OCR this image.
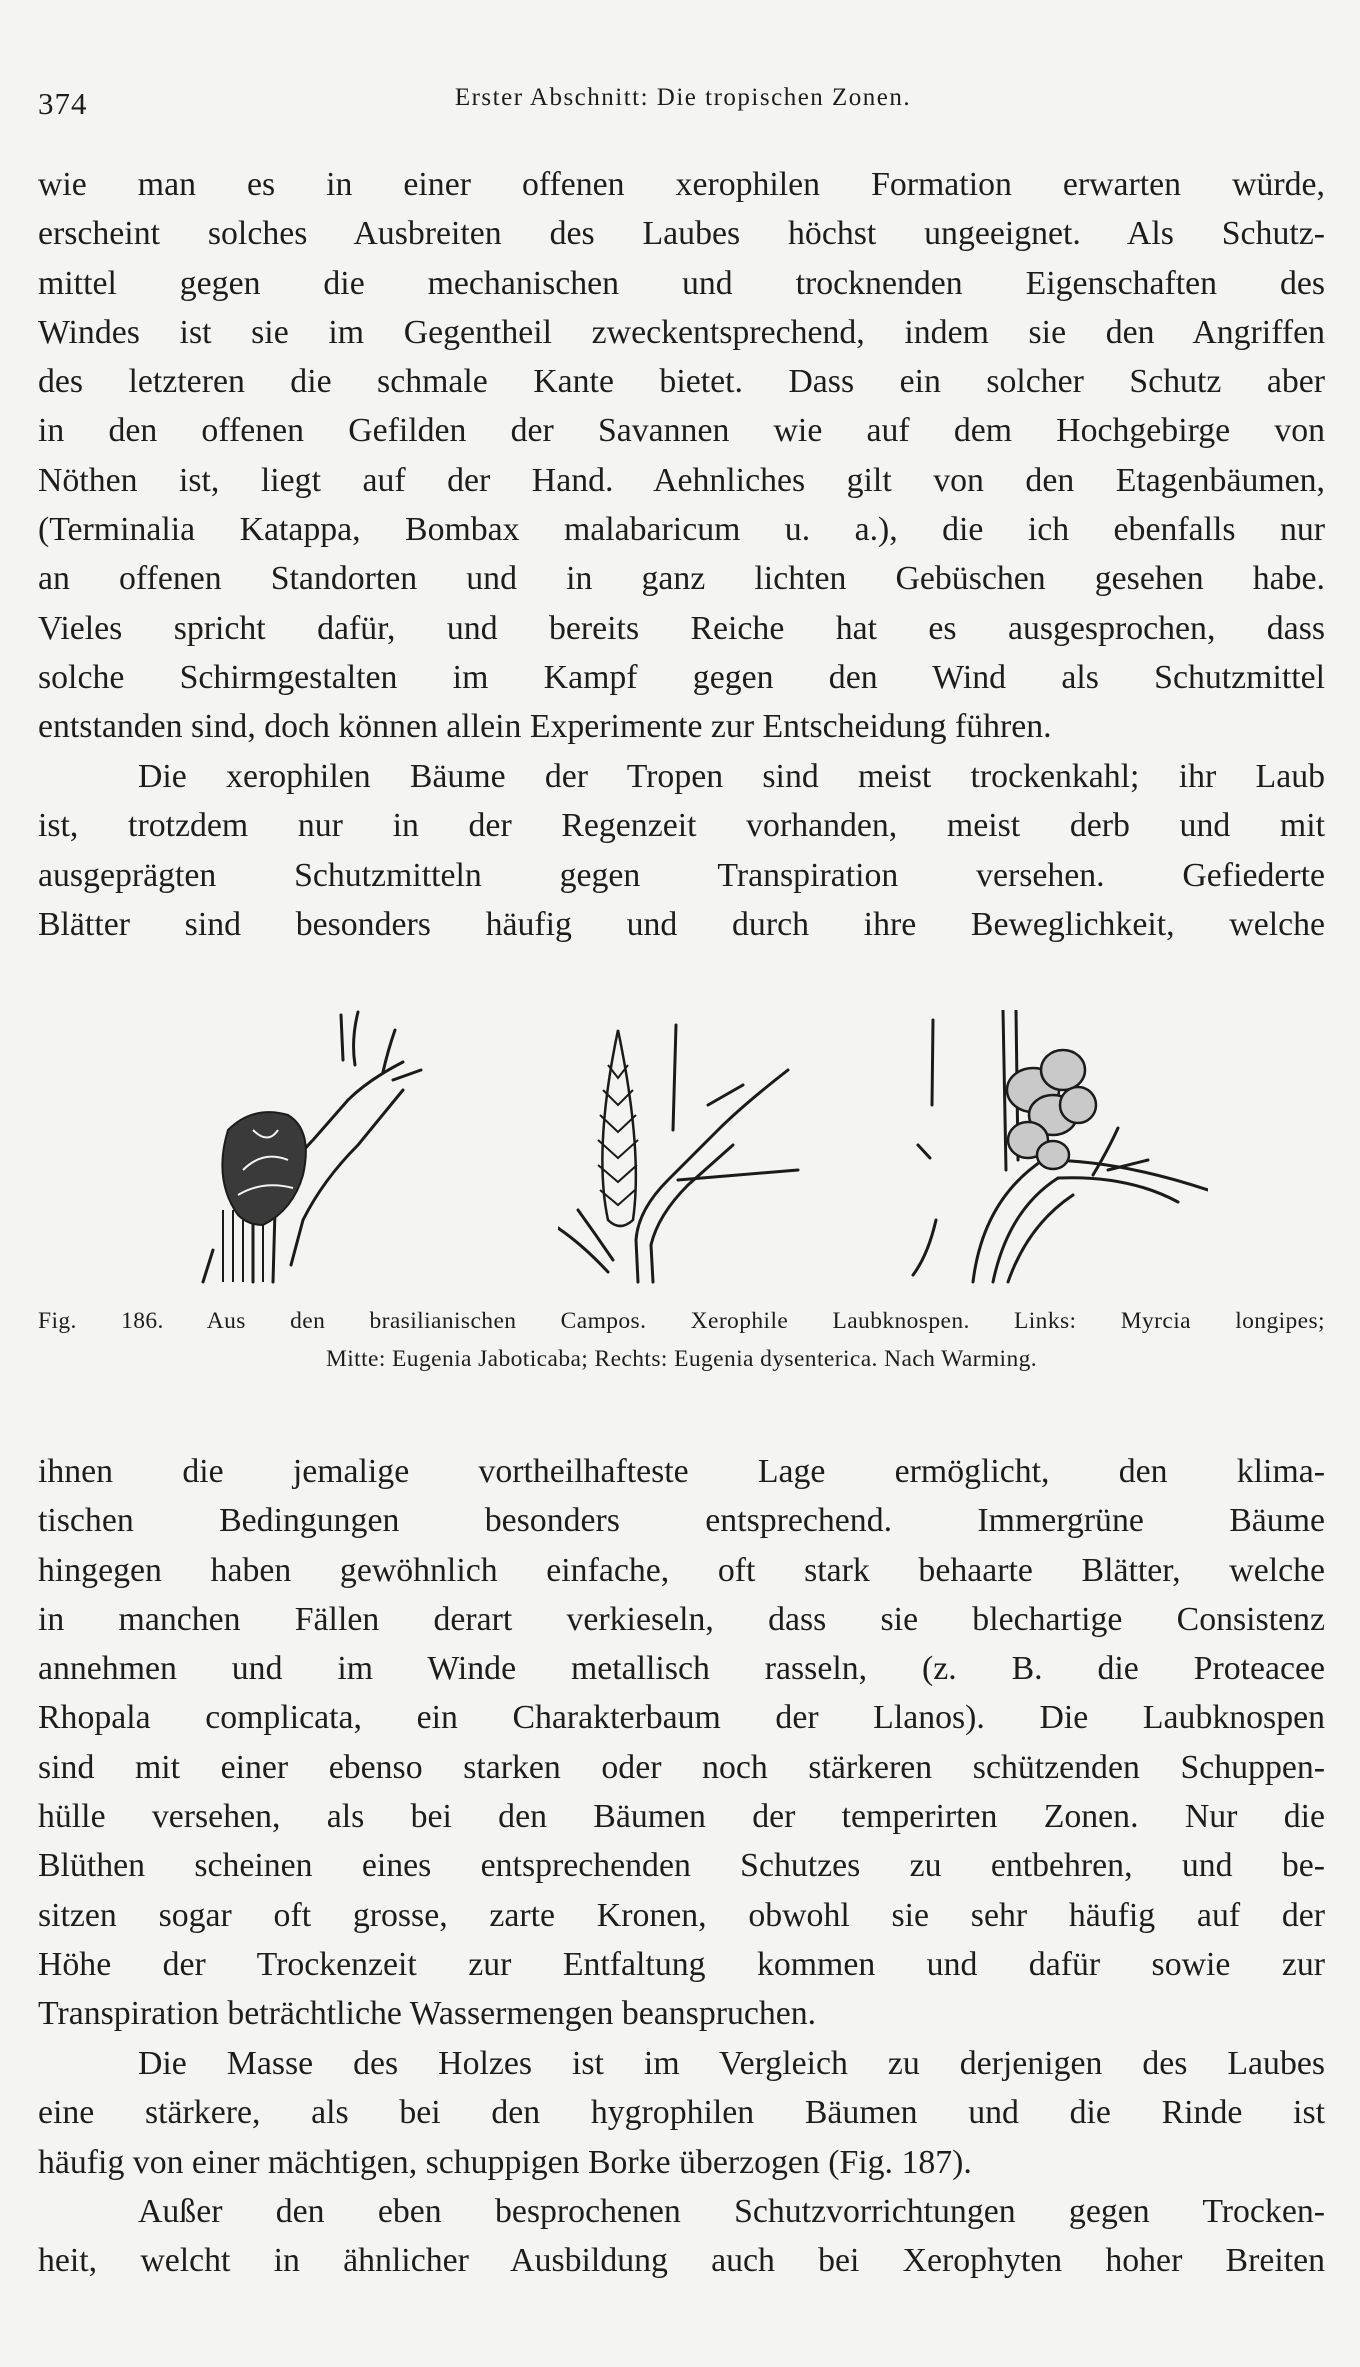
374	Erster Abschnitt: Die tropischen Zonen.
wie man es in einer offenen xerophilen Formation erwarten würde,
erscheint solches Ausbreiten des Laubes höchst ungeeignet. Als Schutz-
mittel gegen die mechanischen und trocknenden Eigenschaften des
Windes ist sie im Gegentheil zweckentsprechend, indem sie den Angriffen
des letzteren die schmale Kante bietet. Dass ein solcher Schutz aber
in den offenen Gefilden der Savannen wie auf dem Hochgebirge von
Nöthen ist, liegt auf der Hand. Aehnliches gilt von den Etagenbäumen,
(Terminalia Katappa, Bombax malabaricum u. a.), die ich ebenfalls nur
an offenen Standorten und in ganz lichten Gebüschen gesehen habe.
Vieles spricht dafür, und bereits Reiche hat es ausgesprochen, dass
solche Schirmgestalten im Kampf gegen den Wind als Schutzmittel
entstanden sind, doch können allein Experimente zur Entscheidung führen.
Die xerophilen Bäume der Tropen sind meist trockenkahl; ihr Laub
ist, trotzdem nur in der Regenzeit vorhanden, meist derb und mit
ausgeprägten Schutzmitteln gegen Transpiration versehen. Gefiederte
Blätter sind besonders häufig und durch ihre Beweglichkeit, welche
Fig. 186. Aus den brasilianischen Campos. Xerophile Laubknospen. Links: Myrcia longipes;
Mitte: Eugenia Jaboticaba; Rechts: Eugenia dysenterica. Nach Warming.
ihnen die jemalige vortheilhafteste Lage ermöglicht, den klima-
tischen Bedingungen besonders entsprechend. Immergrüne Bäume
hingegen haben gewöhnlich einfache, oft stark behaarte Blätter, welche
in manchen Fällen derart verkieseln, dass sie blechartige Consistenz
annehmen und im Winde metallisch rasseln, (z. B. die Proteacee
Rhopala complicata, ein Charakterbaum der Llanos). Die Laubknospen
sind mit einer ebenso starken oder noch stärkeren schützenden Schuppen-
hülle versehen, als bei den Bäumen der temperirten Zonen. Nur die
Blüthen scheinen eines entsprechenden Schutzes zu entbehren, und be-
sitzen sogar oft grosse, zarte Kronen, obwohl sie sehr häufig auf der
Höhe der Trockenzeit zur Entfaltung kommen und dafür sowie zur
Transpiration beträchtliche Wassermengen beanspruchen.
Die Masse des Holzes ist im Vergleich zu derjenigen des Laubes
eine stärkere, als bei den hygrophilen Bäumen und die Rinde ist
häufig von einer mächtigen, schuppigen Borke überzogen (Fig. 187).
Außer den eben besprochenen Schutzvorrichtungen gegen Trocken-
heit, welcht in ähnlicher Ausbildung auch bei Xerophyten hoher Breiten
